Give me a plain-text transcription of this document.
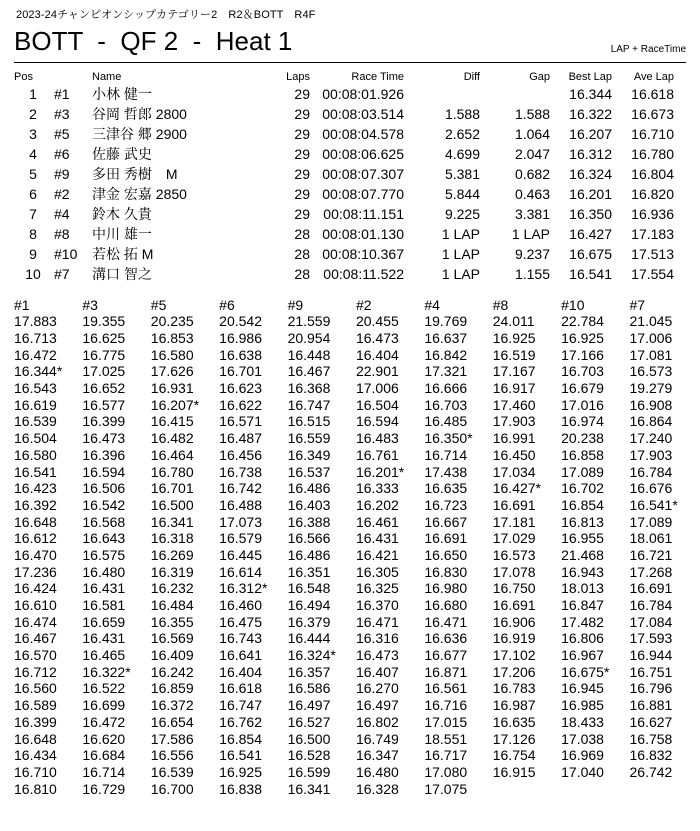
2023-24チャンピオンシップカテゴリー2　R2＆BOTT　R4F
BOTT  -  QF 2  -  Heat 1	LAP + RaceTime
Pos		Name	Laps	Race Time	Diff	Gap	Best Lap	Ave Lap
1	#1	小林 健一	29	00:08:01.926			16.344	16.618
2	#3	谷岡 哲郎 2800	29	00:08:03.514	1.588	1.588	16.322	16.673
3	#5	三津谷 郷 2900	29	00:08:04.578	2.652	1.064	16.207	16.710
4	#6	佐藤 武史	29	00:08:06.625	4.699	2.047	16.312	16.780
5	#9	多田 秀樹　M	29	00:08:07.307	5.381	0.682	16.324	16.804
6	#2	津金 宏嘉 2850	29	00:08:07.770	5.844	0.463	16.201	16.820
7	#4	鈴木 久貴	29	00:08:11.151	9.225	3.381	16.350	16.936
8	#8	中川 雄一	28	00:08:01.130	1 LAP	1 LAP	16.427	17.183
9	#10	若松 拓 M	28	00:08:10.367	1 LAP	9.237	16.675	17.513
10	#7	溝口 智之	28	00:08:11.522	1 LAP	1.155	16.541	17.554
#1	#3	#5	#6	#9	#2	#4	#8	#10	#7
17.883	19.355	20.235	20.542	21.559	20.455	19.769	24.011	22.784	21.045
16.713	16.625	16.853	16.986	20.954	16.473	16.637	16.925	16.925	17.006
16.472	16.775	16.580	16.638	16.448	16.404	16.842	16.519	17.166	17.081
16.344*	17.025	17.626	16.701	16.467	22.901	17.321	17.167	16.703	16.573
16.543	16.652	16.931	16.623	16.368	17.006	16.666	16.917	16.679	19.279
16.619	16.577	16.207*	16.622	16.747	16.504	16.703	17.460	17.016	16.908
16.539	16.399	16.415	16.571	16.515	16.594	16.485	17.903	16.974	16.864
16.504	16.473	16.482	16.487	16.559	16.483	16.350*	16.991	20.238	17.240
16.580	16.396	16.464	16.456	16.349	16.761	16.714	16.450	16.858	17.903
16.541	16.594	16.780	16.738	16.537	16.201*	17.438	17.034	17.089	16.784
16.423	16.506	16.701	16.742	16.486	16.333	16.635	16.427*	16.702	16.676
16.392	16.542	16.500	16.488	16.403	16.202	16.723	16.691	16.854	16.541*
16.648	16.568	16.341	17.073	16.388	16.461	16.667	17.181	16.813	17.089
16.612	16.643	16.318	16.579	16.566	16.431	16.691	17.029	16.955	18.061
16.470	16.575	16.269	16.445	16.486	16.421	16.650	16.573	21.468	16.721
17.236	16.480	16.319	16.614	16.351	16.305	16.830	17.078	16.943	17.268
16.424	16.431	16.232	16.312*	16.548	16.325	16.980	16.750	18.013	16.691
16.610	16.581	16.484	16.460	16.494	16.370	16.680	16.691	16.847	16.784
16.474	16.659	16.355	16.475	16.379	16.471	16.471	16.906	17.482	17.084
16.467	16.431	16.569	16.743	16.444	16.316	16.636	16.919	16.806	17.593
16.570	16.465	16.409	16.641	16.324*	16.473	16.677	17.102	16.967	16.944
16.712	16.322*	16.242	16.404	16.357	16.407	16.871	17.206	16.675*	16.751
16.560	16.522	16.859	16.618	16.586	16.270	16.561	16.783	16.945	16.796
16.589	16.699	16.372	16.747	16.497	16.497	16.716	16.987	16.985	16.881
16.399	16.472	16.654	16.762	16.527	16.802	17.015	16.635	18.433	16.627
16.648	16.620	17.586	16.854	16.500	16.749	18.551	17.126	17.038	16.758
16.434	16.684	16.556	16.541	16.528	16.347	16.717	16.754	16.969	16.832
16.710	16.714	16.539	16.925	16.599	16.480	17.080	16.915	17.040	26.742
16.810	16.729	16.700	16.838	16.341	16.328	17.075			
